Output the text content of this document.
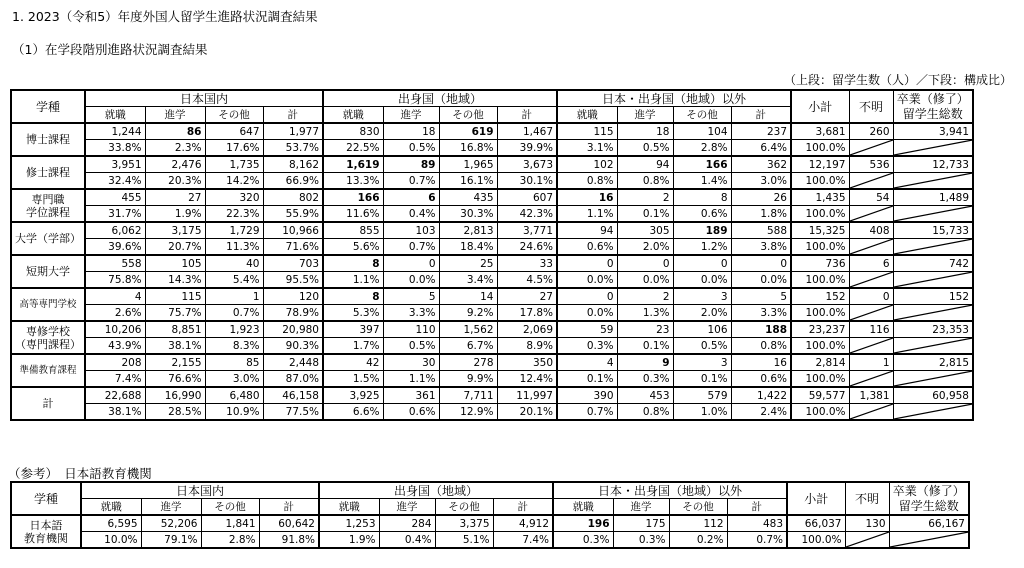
1. 2023（令和5）年度外国人留学生進路状況調査結果
（1）在学段階別進路状況調査結果
（上段：留学生数（人）／下段：構成比）
学種	日本国内				出身国（地域）				日本・出身国（地域）以外				小計	不明	卒業（修了）
留学生総数
	就職	進学	その他	計	就職	進学	その他	計	就職	進学	その他	計			
博士課程	1,244	86	647	1,977	830	18	619	1,467	115	18	104	237	3,681	260	3,941
	33.8%	2.3%	17.6%	53.7%	22.5%	0.5%	16.8%	39.9%	3.1%	0.5%	2.8%	6.4%	100.0%	

修士課程	3,951	2,476	1,735	8,162	1,619	89	1,965	3,673	102	94	166	362	12,197	536	12,733
	32.4%	20.3%	14.2%	66.9%	13.3%	0.7%	16.1%	30.1%	0.8%	0.8%	1.4%	3.0%	100.0%	

専門職
学位課程	455	27	320	802	166	6	435	607	16	2	8	26	1,435	54	1,489
	31.7%	1.9%	22.3%	55.9%	11.6%	0.4%	30.3%	42.3%	1.1%	0.1%	0.6%	1.8%	100.0%	

大学（学部）	6,062	3,175	1,729	10,966	855	103	2,813	3,771	94	305	189	588	15,325	408	15,733
	39.6%	20.7%	11.3%	71.6%	5.6%	0.7%	18.4%	24.6%	0.6%	2.0%	1.2%	3.8%	100.0%	

短期大学	558	105	40	703	8	0	25	33	0	0	0	0	736	6	742
	75.8%	14.3%	5.4%	95.5%	1.1%	0.0%	3.4%	4.5%	0.0%	0.0%	0.0%	0.0%	100.0%	

高等専門学校	4	115	1	120	8	5	14	27	0	2	3	5	152	0	152
	2.6%	75.7%	0.7%	78.9%	5.3%	3.3%	9.2%	17.8%	0.0%	1.3%	2.0%	3.3%	100.0%	

専修学校
（専門課程）	10,206	8,851	1,923	20,980	397	110	1,562	2,069	59	23	106	188	23,237	116	23,353
	43.9%	38.1%	8.3%	90.3%	1.7%	0.5%	6.7%	8.9%	0.3%	0.1%	0.5%	0.8%	100.0%	

準備教育課程	208	2,155	85	2,448	42	30	278	350	4	9	3	16	2,814	1	2,815
	7.4%	76.6%	3.0%	87.0%	1.5%	1.1%	9.9%	12.4%	0.1%	0.3%	0.1%	0.6%	100.0%	

計	22,688	16,990	6,480	46,158	3,925	361	7,711	11,997	390	453	579	1,422	59,577	1,381	60,958
	38.1%	28.5%	10.9%	77.5%	6.6%	0.6%	12.9%	20.1%	0.7%	0.8%	1.0%	2.4%	100.0%	

（参考）　日本語教育機関
学種	日本国内				出身国（地域）				日本・出身国（地域）以外				小計	不明	卒業（修了）
留学生総数
	就職	進学	その他	計	就職	進学	その他	計	就職	進学	その他	計			
日本語
教育機関	6,595	52,206	1,841	60,642	1,253	284	3,375	4,912	196	175	112	483	66,037	130	66,167
	10.0%	79.1%	2.8%	91.8%	1.9%	0.4%	5.1%	7.4%	0.3%	0.3%	0.2%	0.7%	100.0%	
